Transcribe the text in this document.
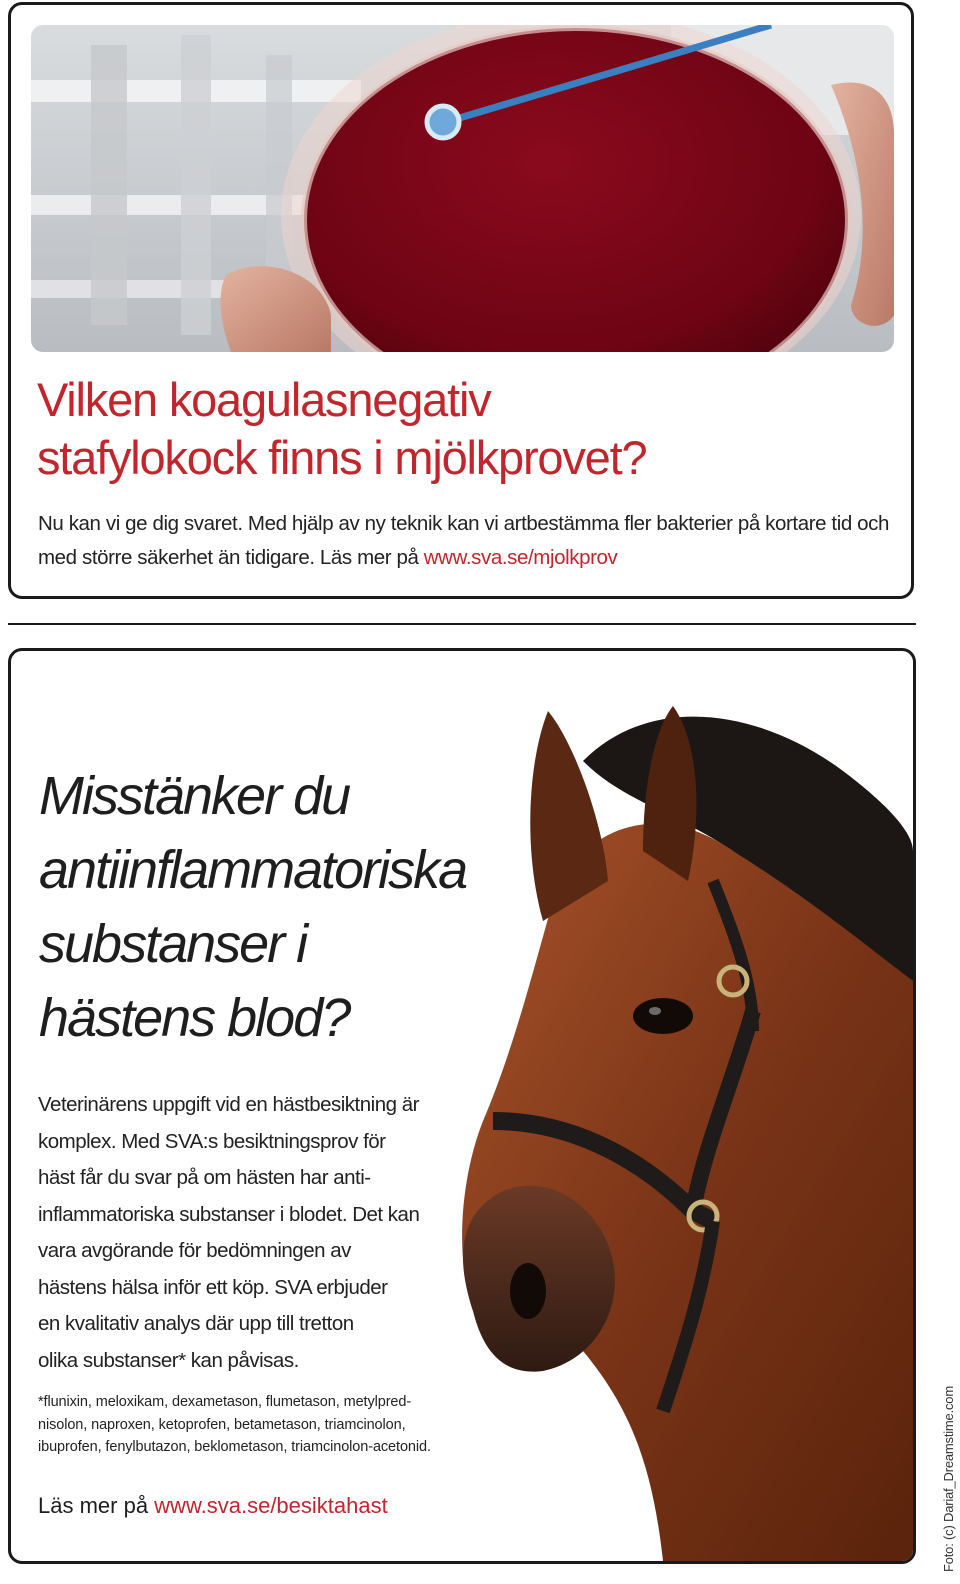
Vilken koagulasnegativ
stafylokock finns i mjölkprovet?

Nu kan vi ge dig svaret. Med hjälp av ny teknik kan vi artbestämma fler bakterier på kortare tid och med större säkerhet än tidigare. Läs mer på www.sva.se/mjolkprov

Misstänker du
antiinflammatoriska
substanser i
hästens blod?

Veterinärens uppgift vid en hästbesiktning är
komplex. Med SVA:s besiktningsprov för
häst får du svar på om hästen har anti-
inflammatoriska substanser i blodet. Det kan
vara avgörande för bedömningen av
hästens hälsa inför ett köp. SVA erbjuder
en kvalitativ analys där upp till tretton
olika substanser* kan påvisas.

*flunixin, meloxikam, dexametason, flumetason, metylpred-
nisolon, naproxen, ketoprofen, betametason, triamcinolon,
ibuprofen, fenylbutazon, beklometason, triamcinolon-acetonid.

Läs mer på www.sva.se/besiktahast	Foto: (c) Dariaf_Dreamstime.com
